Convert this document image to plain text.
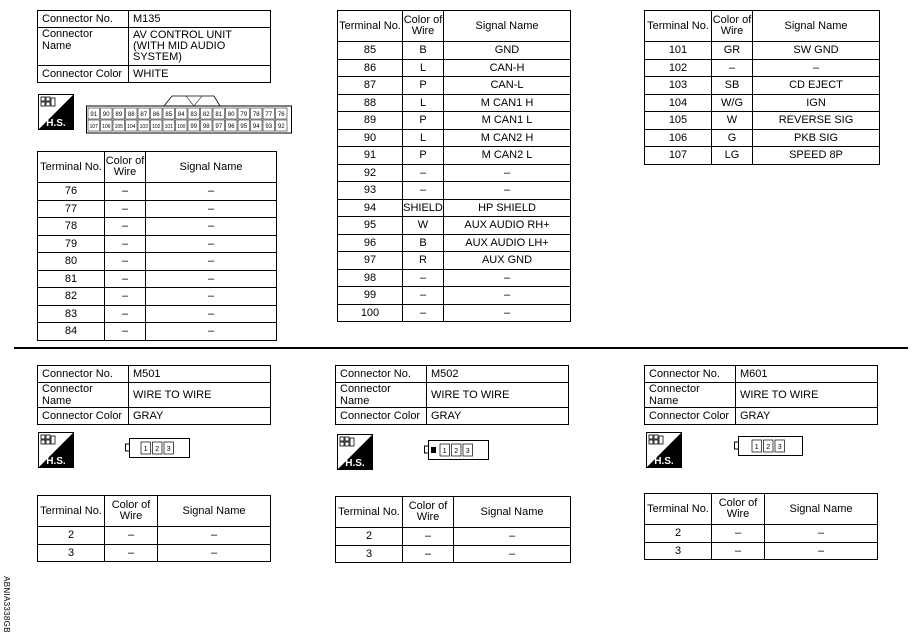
Connector No.	M135
Connector Name	AV CONTROL UNIT
(WITH MID AUDIO SYSTEM)

Connector Color	WHITE
H.S.
91 90 89 88 87 86 85 84 83 82 81 80 79 78 77 76
107 106 105 104 103 102 101 100 99 98 97 96 95 94 93 92
Terminal No.	Color of Wire	Signal Name
76	–	–
77	–	–
78	–	–
79	–	–
80	–	–
81	–	–
82	–	–
83	–	–
84	–	–
Terminal No.	Color of Wire	Signal Name
85	B	GND
86	L	CAN-H
87	P	CAN-L
88	L	M CAN1 H
89	P	M CAN1 L
90	L	M CAN2 H
91	P	M CAN2 L
92	–	–
93	–	–
94	SHIELD	HP SHIELD
95	W	AUX AUDIO RH+
96	B	AUX AUDIO LH+
97	R	AUX GND
98	–	–
99	–	–
100	–	–
Terminal No.	Color of Wire	Signal Name
101	GR	SW GND
102	–	–
103	SB	CD EJECT
104	W/G	IGN
105	W	REVERSE SIG
106	G	PKB SIG
107	LG	SPEED 8P
Connector No.	M501
Connector Name	WIRE TO WIRE
Connector Color	GRAY
H.S.
1 2 3
Terminal No.	Color of Wire	Signal Name
2	–	–
3	–	–
Connector No.	M502
Connector Name	WIRE TO WIRE
Connector Color	GRAY
H.S.
1 2 3
Terminal No.	Color of Wire	Signal Name
2	–	–
3	–	–
Connector No.	M601
Connector Name	WIRE TO WIRE
Connector Color	GRAY
H.S.
1 2 3
Terminal No.	Color of Wire	Signal Name
2	–	–
3	–	–
ABNIA3338GB
